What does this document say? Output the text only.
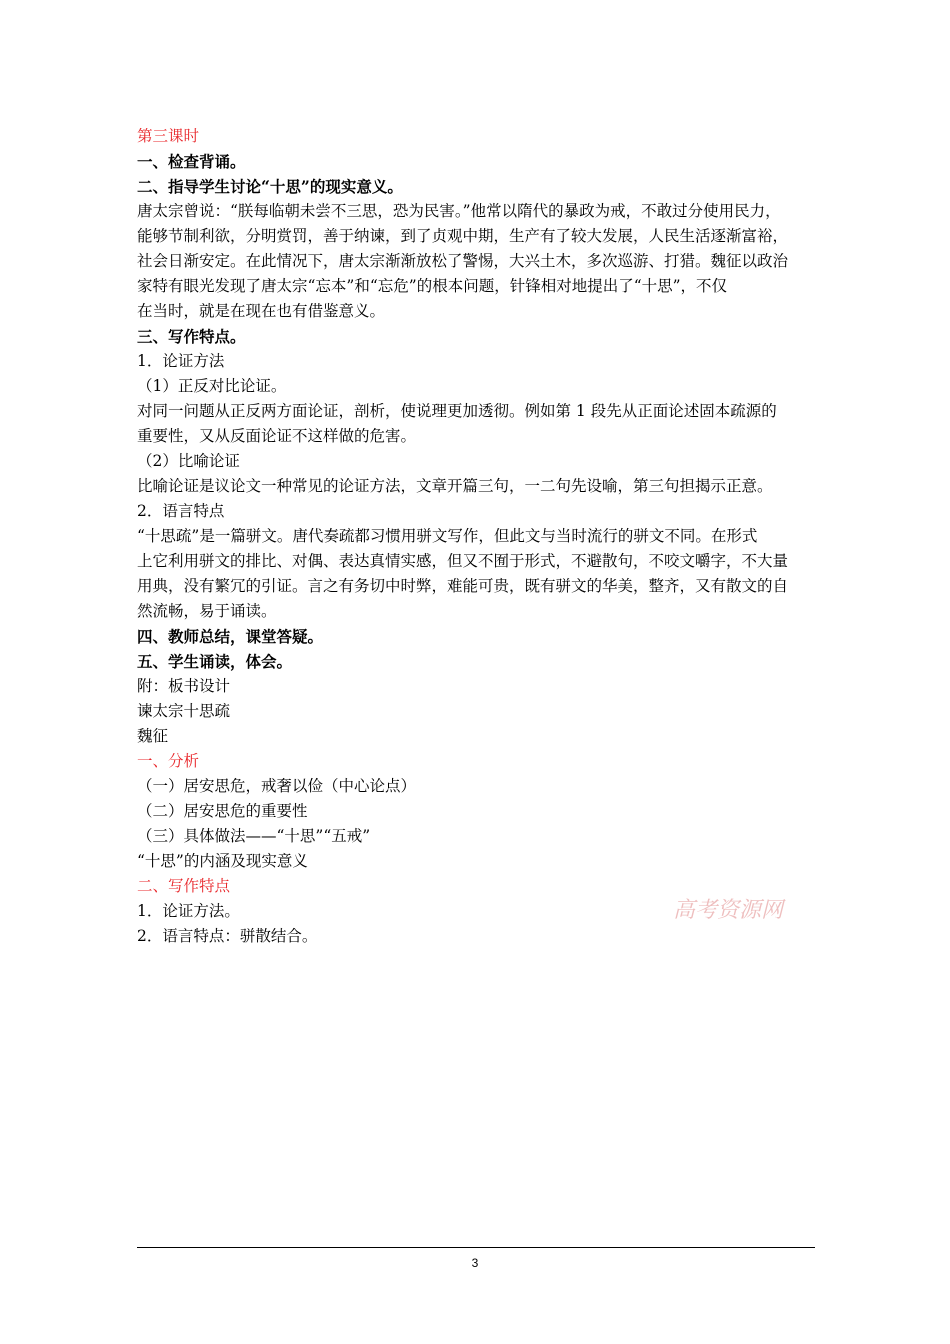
第三课时

一、检查背诵。

二、指导学生讨论“十思”的现实意义。

唐太宗曾说：“朕每临朝未尝不三思，恐为民害。”他常以隋代的暴政为戒，不敢过分使用民力，

能够节制利欲，分明赏罚，善于纳谏，到了贞观中期，生产有了较大发展，人民生活逐渐富裕，

社会日渐安定。在此情况下，唐太宗渐渐放松了警惕，大兴土木，多次巡游、打猎。魏征以政治

家特有眼光发现了唐太宗“忘本”和“忘危”的根本问题，针锋相对地提出了“十思”，不仅

在当时，就是在现在也有借鉴意义。

三、写作特点。

1．论证方法

（1）正反对比论证。

对同一问题从正反两方面论证，剖析，使说理更加透彻。例如第 1 段先从正面论述固本疏源的

重要性，又从反面论证不这样做的危害。

（2）比喻论证

比喻论证是议论文一种常见的论证方法，文章开篇三句，一二句先设喻，第三句担揭示正意。

2．语言特点

“十思疏”是一篇骈文。唐代奏疏都习惯用骈文写作，但此文与当时流行的骈文不同。在形式

上它利用骈文的排比、对偶、表达真情实感，但又不囿于形式，不避散句，不咬文嚼字，不大量

用典，没有繁冗的引证。言之有务切中时弊，难能可贵，既有骈文的华美，整齐，又有散文的自

然流畅，易于诵读。

四、教师总结，课堂答疑。

五、学生诵读，体会。

附：板书设计

谏太宗十思疏

魏征

一、分析

（一）居安思危，戒奢以俭（中心论点）

（二）居安思危的重要性

（三）具体做法——“十思”“五戒”

“十思”的内涵及现实意义

二、写作特点

1．论证方法。

2．语言特点：骈散结合。

高考资源网
3
